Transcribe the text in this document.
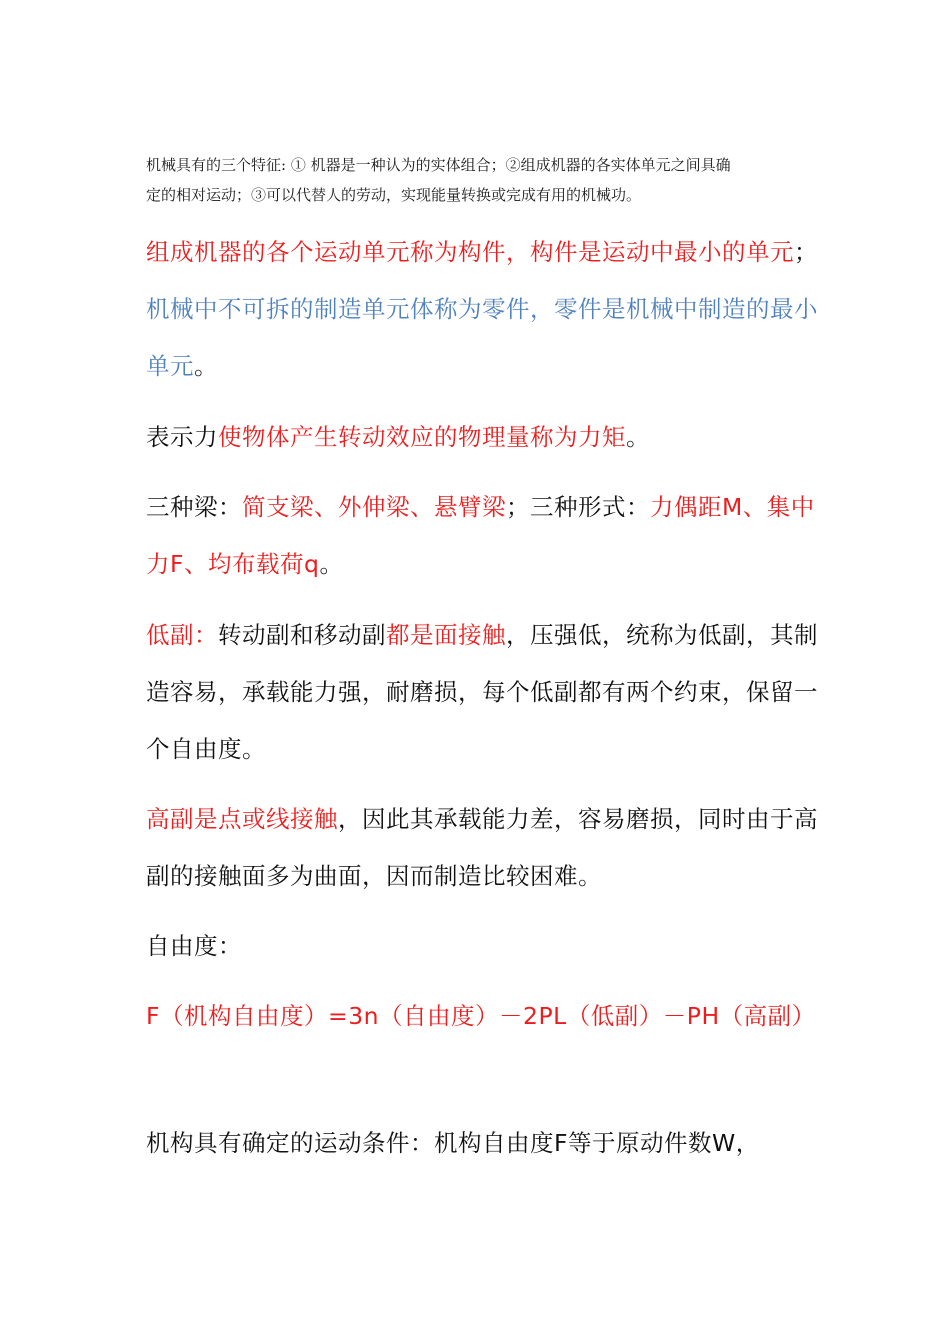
机械具有的三个特征: ① 机器是一种认为的实体组合；②组成机器的各实体单元之间具确
定的相对运动；③可以代替人的劳动，实现能量转换或完成有用的机械功。

组成机器的各个运动单元称为构件，构件是运动中最小的单元；机械中不可拆的制造单元体称为零件，零件是机械中制造的最小单元。

表示力使物体产生转动效应的物理量称为力矩。

三种梁：简支梁、外伸梁、悬臂梁；三种形式：力偶距M、集中力F、均布载荷q。

低副：转动副和移动副都是面接触，压强低，统称为低副，其制造容易，承载能力强，耐磨损，每个低副都有两个约束，保留一个自由度。

高副是点或线接触，因此其承载能力差，容易磨损，同时由于高副的接触面多为曲面，因而制造比较困难。

自由度：

F（机构自由度）=3n（自由度）－2PL（低副）－PH（高副）

机构具有确定的运动条件：机构自由度F等于原动件数W，
